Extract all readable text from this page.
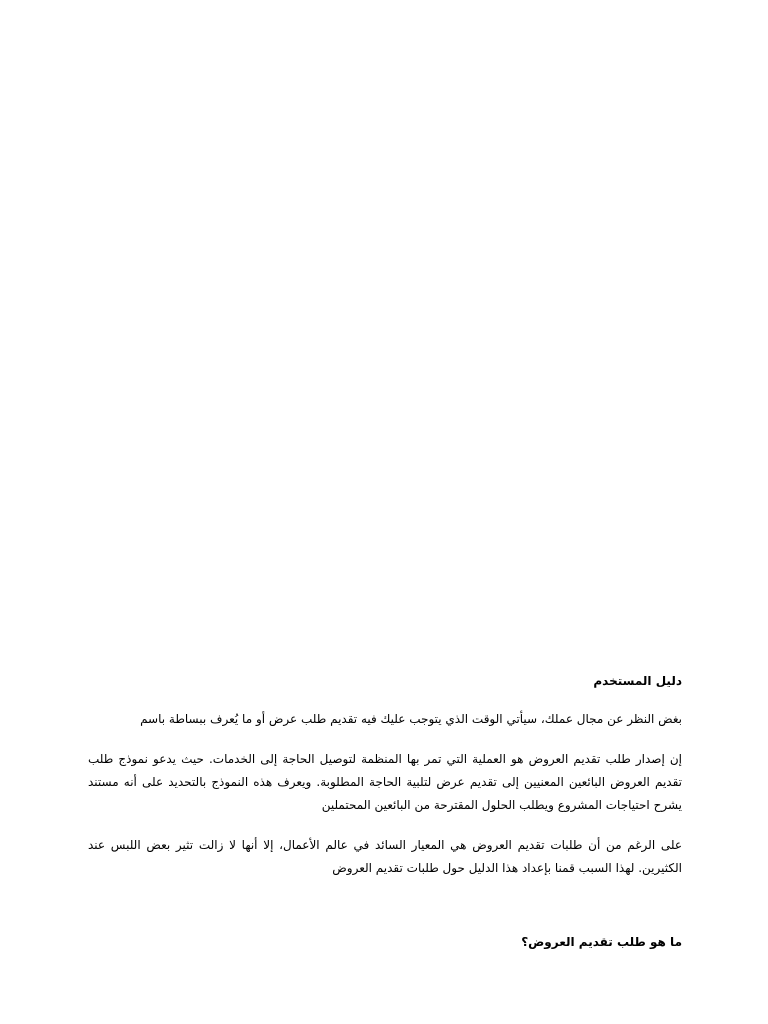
دليل المستخدم

بغض النظر عن مجال عملك، سيأتي الوقت الذي يتوجب عليك فيه تقديم طلب عرض أو ما يُعرف ببساطة باسم

إن إصدار طلب تقديم العروض هو العملية التي تمر بها المنظمة لتوصيل الحاجة إلى الخدمات. حيث يدعو نموذج طلب تقديم العروض البائعين المعنيين إلى تقديم عرض لتلبية الحاجة المطلوبة. ويعرف هذه النموذج بالتحديد على أنه مستند يشرح احتياجات المشروع ويطلب الحلول المقترحة من البائعين المحتملين

على الرغم من أن طلبات تقديم العروض هي المعيار السائد في عالم الأعمال، إلا أنها لا زالت تثير بعض اللبس عند الكثيرين. لهذا السبب قمنا بإعداد هذا الدليل حول طلبات تقديم العروض

ما هو طلب تقديم العروض؟
